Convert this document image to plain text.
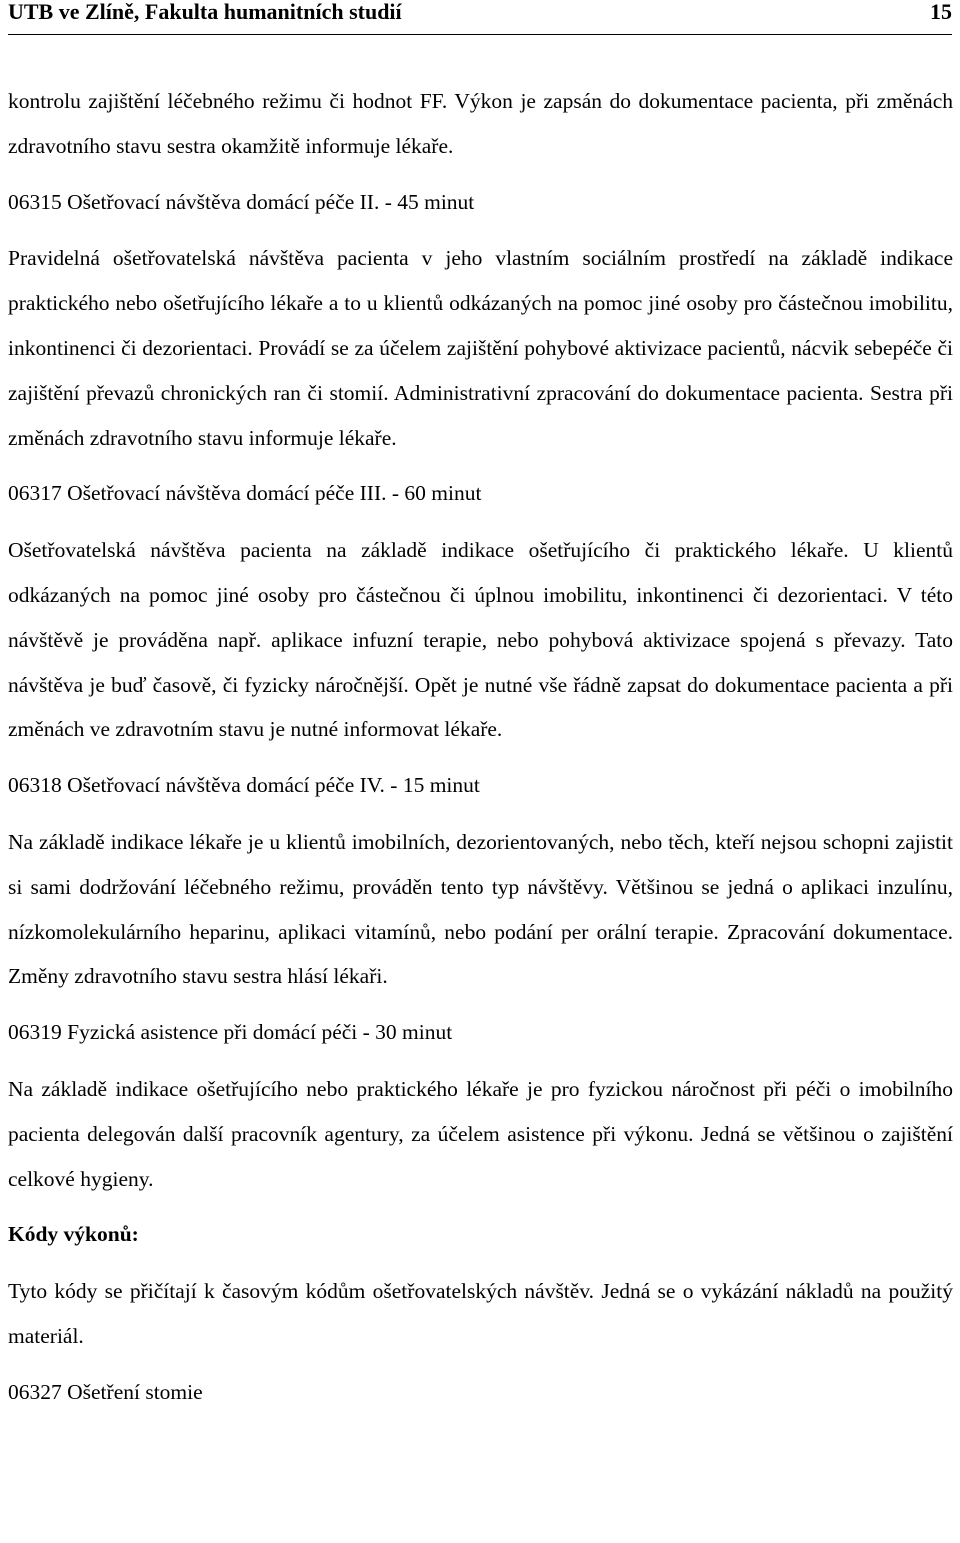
UTB ve Zlíně, Fakulta humanitních studií	15

kontrolu zajištění léčebného režimu či hodnot FF. Výkon je zapsán do dokumentace pacienta, při změnách zdravotního stavu sestra okamžitě informuje lékaře.

06315 Ošetřovací návštěva domácí péče II. - 45 minut

Pravidelná ošetřovatelská návštěva pacienta v jeho vlastním sociálním prostředí na základě indikace praktického nebo ošetřujícího lékaře a to u klientů odkázaných na pomoc jiné osoby pro částečnou imobilitu, inkontinenci či dezorientaci. Provádí se za účelem zajištění pohybové aktivizace pacientů, nácvik sebepéče či zajištění převazů chronických ran či stomií. Administrativní zpracování do dokumentace pacienta. Sestra při změnách zdravotního stavu informuje lékaře.

06317 Ošetřovací návštěva domácí péče III. - 60 minut

Ošetřovatelská návštěva pacienta na základě indikace ošetřujícího či praktického lékaře. U klientů odkázaných na pomoc jiné osoby pro částečnou či úplnou imobilitu, inkontinenci či dezorientaci. V této návštěvě je prováděna např. aplikace infuzní terapie, nebo pohybová aktivizace spojená s převazy. Tato návštěva je buď časově, či fyzicky náročnější. Opět je nutné vše řádně zapsat do dokumentace pacienta a při změnách ve zdravotním stavu je nutné informovat lékaře.

06318 Ošetřovací návštěva domácí péče IV. - 15 minut

Na základě indikace lékaře je u klientů imobilních, dezorientovaných, nebo těch, kteří nejsou schopni zajistit si sami dodržování léčebného režimu, prováděn tento typ návštěvy. Většinou se jedná o aplikaci inzulínu, nízkomolekulárního heparinu, aplikaci vitamínů, nebo podání per orální terapie. Zpracování dokumentace. Změny zdravotního stavu sestra hlásí lékaři.

06319 Fyzická asistence při domácí péči - 30 minut

Na základě indikace ošetřujícího nebo praktického lékaře je pro fyzickou náročnost při péči o imobilního pacienta delegován další pracovník agentury, za účelem asistence při výkonu. Jedná se většinou o zajištění celkové hygieny.

Kódy výkonů:

Tyto kódy se přičítají k časovým kódům ošetřovatelských návštěv. Jedná se o vykázání nákladů na použitý materiál.

06327 Ošetření stomie
